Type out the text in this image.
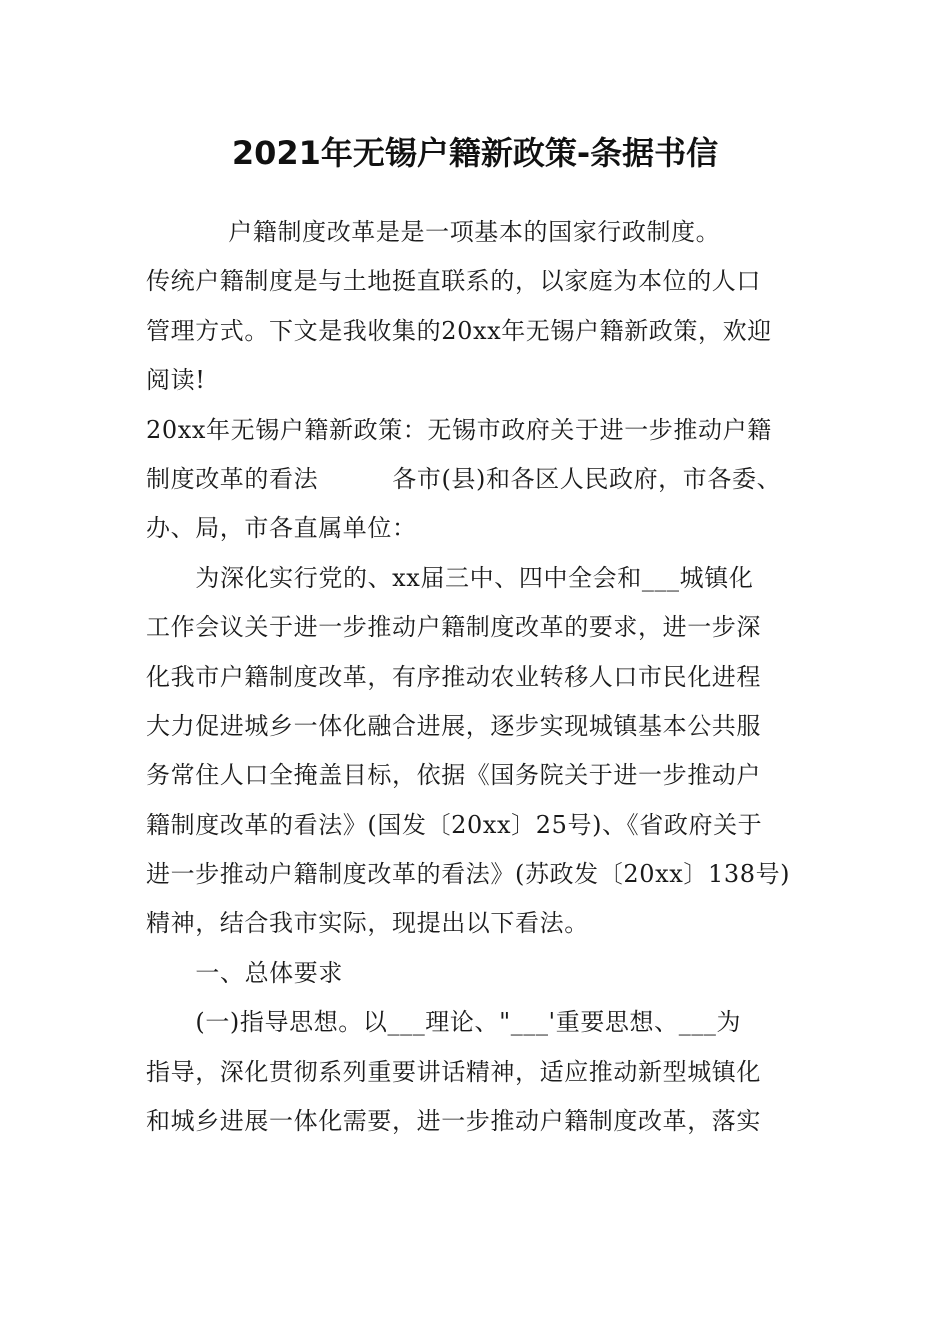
2021年无锡户籍新政策-条据书信

户籍制度改革是是一项基本的国家行政制度。

传统户籍制度是与土地挺直联系的，以家庭为本位的人口

管理方式。下文是我收集的20xx年无锡户籍新政策，欢迎

阅读!

20xx年无锡户籍新政策：无锡市政府关于进一步推动户籍

制度改革的看法         各市(县)和各区人民政府，市各委、

办、局，市各直属单位：

为深化实行党的、xx届三中、四中全会和___城镇化

工作会议关于进一步推动户籍制度改革的要求，进一步深

化我市户籍制度改革，有序推动农业转移人口市民化进程

大力促进城乡一体化融合进展，逐步实现城镇基本公共服

务常住人口全掩盖目标，依据《国务院关于进一步推动户

籍制度改革的看法》(国发〔20xx〕25号)、《省政府关于

进一步推动户籍制度改革的看法》(苏政发〔20xx〕138号)

精神，结合我市实际，现提出以下看法。

一、总体要求

(一)指导思想。以___理论、"___'重要思想、___为

指导，深化贯彻系列重要讲话精神，适应推动新型城镇化

和城乡进展一体化需要，进一步推动户籍制度改革，落实
